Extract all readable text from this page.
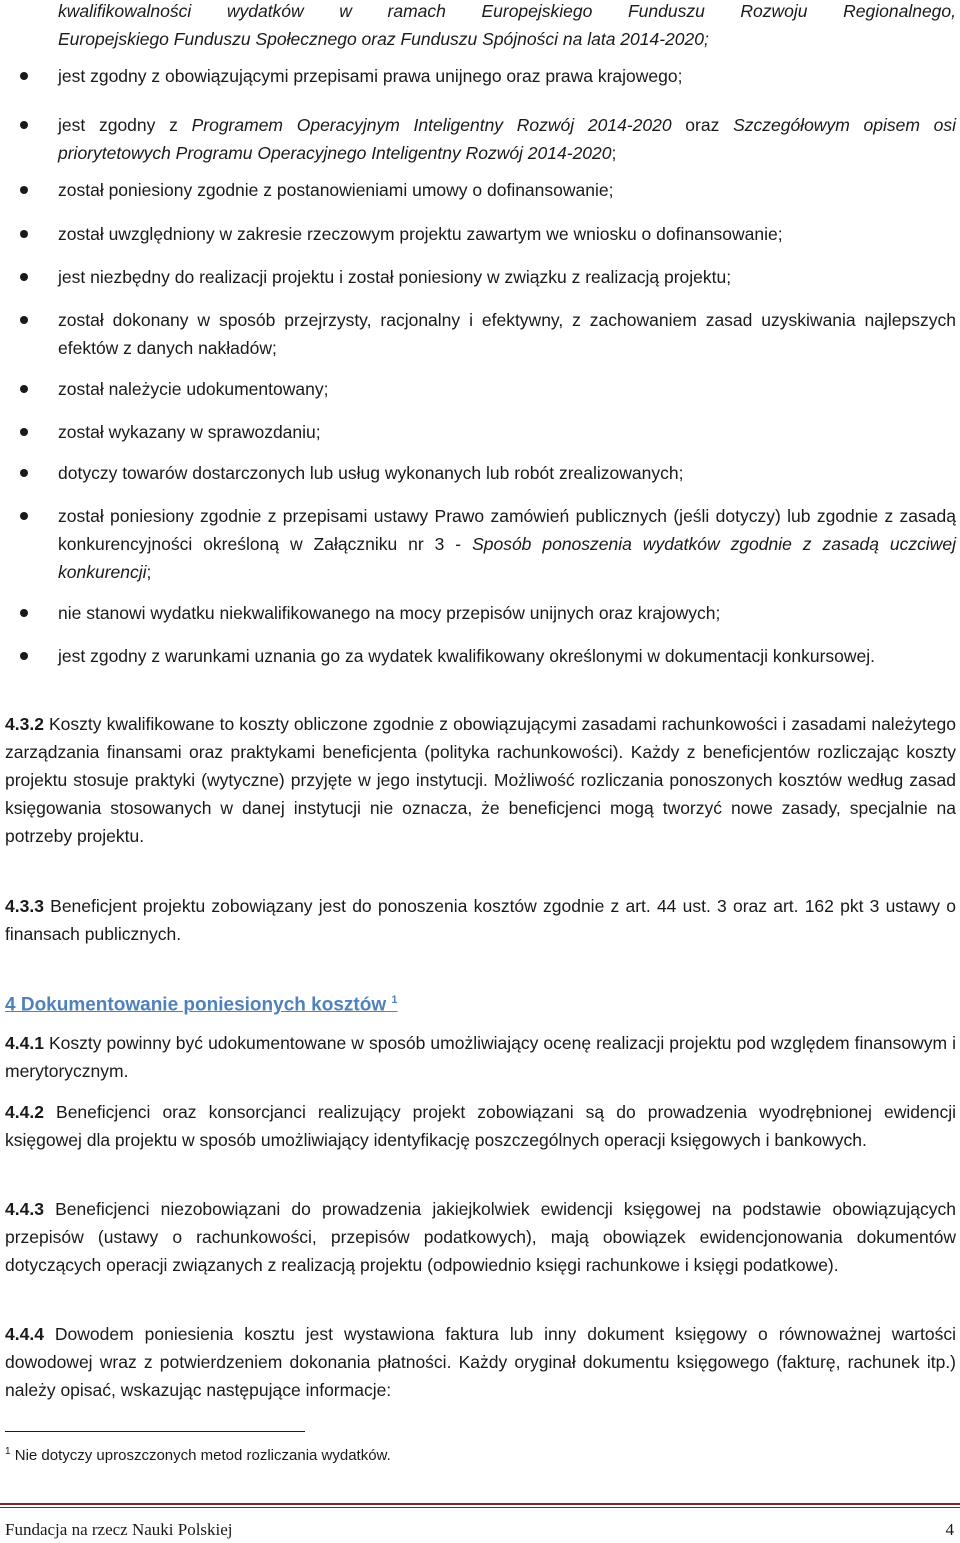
kwalifikowalności wydatków w ramach Europejskiego Funduszu Rozwoju Regionalnego,
Europejskiego Funduszu Społecznego oraz Funduszu Spójności na lata 2014-2020;
jest zgodny z obowiązującymi przepisami prawa unijnego oraz prawa krajowego;
jest zgodny z Programem Operacyjnym Inteligentny Rozwój 2014-2020 oraz Szczegółowym opisem osi priorytetowych Programu Operacyjnego Inteligentny Rozwój 2014-2020;
został poniesiony zgodnie z postanowieniami umowy o dofinansowanie;
został uwzględniony w zakresie rzeczowym projektu zawartym we wniosku o dofinansowanie;
jest niezbędny do realizacji projektu i został poniesiony w związku z realizacją projektu;
został dokonany w sposób przejrzysty, racjonalny i efektywny, z zachowaniem zasad uzyskiwania najlepszych efektów z danych nakładów;
został należycie udokumentowany;
został wykazany w sprawozdaniu;
dotyczy towarów dostarczonych lub usług wykonanych lub robót zrealizowanych;
został poniesiony zgodnie z przepisami ustawy Prawo zamówień publicznych (jeśli dotyczy) lub zgodnie z zasadą konkurencyjności określoną w Załączniku nr 3 - Sposób ponoszenia wydatków zgodnie z zasadą uczciwej konkurencji;
nie stanowi wydatku niekwalifikowanego na mocy przepisów unijnych oraz krajowych;
jest zgodny z warunkami uznania go za wydatek kwalifikowany określonymi w dokumentacji konkursowej.
4.3.2 Koszty kwalifikowane to koszty obliczone zgodnie z obowiązującymi zasadami rachunkowości i zasadami należytego zarządzania finansami oraz praktykami beneficjenta (polityka rachunkowości). Każdy z beneficjentów rozliczając koszty projektu stosuje praktyki (wytyczne) przyjęte w jego instytucji. Możliwość rozliczania ponoszonych kosztów według zasad księgowania stosowanych w danej instytucji nie oznacza, że beneficjenci mogą tworzyć nowe zasady, specjalnie na potrzeby projektu.
4.3.3 Beneficjent projektu zobowiązany jest do ponoszenia kosztów zgodnie z art. 44 ust. 3 oraz art. 162 pkt 3 ustawy o finansach publicznych.
4 Dokumentowanie poniesionych kosztów $^1$
4.4.1 Koszty powinny być udokumentowane w sposób umożliwiający ocenę realizacji projektu pod względem finansowym i merytorycznym.
4.4.2 Beneficjenci oraz konsorcjanci realizujący projekt zobowiązani są do prowadzenia wyodrębnionej ewidencji księgowej dla projektu w sposób umożliwiający identyfikację poszczególnych operacji księgowych i bankowych.
4.4.3 Beneficjenci niezobowiązani do prowadzenia jakiejkolwiek ewidencji księgowej na podstawie obowiązujących przepisów (ustawy o rachunkowości, przepisów podatkowych), mają obowiązek ewidencjonowania dokumentów dotyczących operacji związanych z realizacją projektu (odpowiednio księgi rachunkowe i księgi podatkowe).
4.4.4 Dowodem poniesienia kosztu jest wystawiona faktura lub inny dokument księgowy o równoważnej wartości dowodowej wraz z potwierdzeniem dokonania płatności. Każdy oryginał dokumentu księgowego (fakturę, rachunek itp.) należy opisać, wskazując następujące informacje:
$^1$ Nie dotyczy uproszczonych metod rozliczania wydatków.
Fundacja na rzecz Nauki Polskiej	4
